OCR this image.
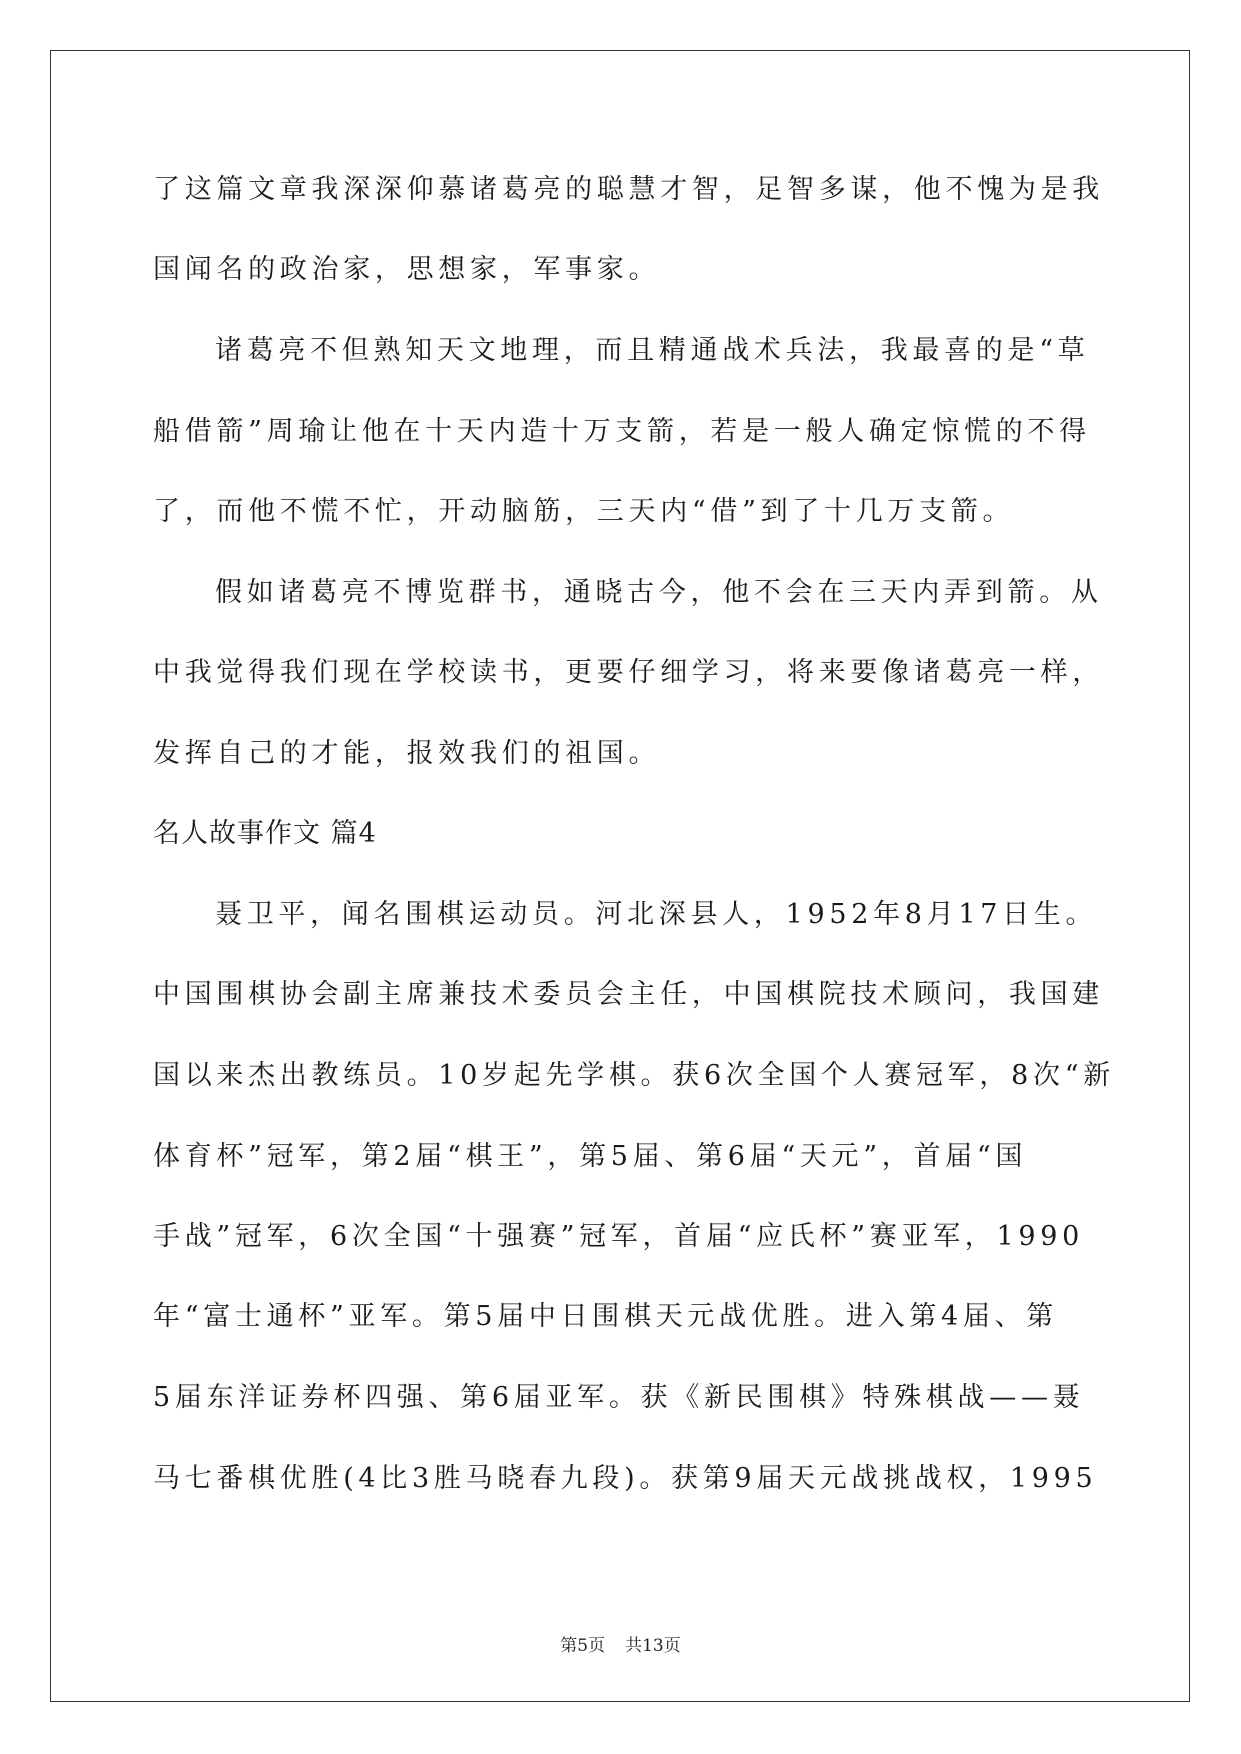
了这篇文章我深深仰慕诸葛亮的聪慧才智，足智多谋，他不愧为是我

国闻名的政治家，思想家，军事家。

诸葛亮不但熟知天文地理，而且精通战术兵法，我最喜的是“草

船借箭”周瑜让他在十天内造十万支箭，若是一般人确定惊慌的不得

了，而他不慌不忙，开动脑筋，三天内“借”到了十几万支箭。

假如诸葛亮不博览群书，通晓古今，他不会在三天内弄到箭。从

中我觉得我们现在学校读书，更要仔细学习，将来要像诸葛亮一样，

发挥自己的才能，报效我们的祖国。

名人故事作文 篇4

聂卫平，闻名围棋运动员。河北深县人，1952年8月17日生。

中国围棋协会副主席兼技术委员会主任，中国棋院技术顾问，我国建

国以来杰出教练员。10岁起先学棋。获6次全国个人赛冠军，8次“新

体育杯”冠军，第2届“棋王”，第5届、第6届“天元”，首届“国

手战”冠军，6次全国“十强赛”冠军，首届“应氏杯”赛亚军，1990

年“富士通杯”亚军。第5届中日围棋天元战优胜。进入第4届、第

5届东洋证券杯四强、第6届亚军。获《新民围棋》特殊棋战——聂

马七番棋优胜(4比3胜马晓春九段)。获第9届天元战挑战权，1995

第5页 共13页
